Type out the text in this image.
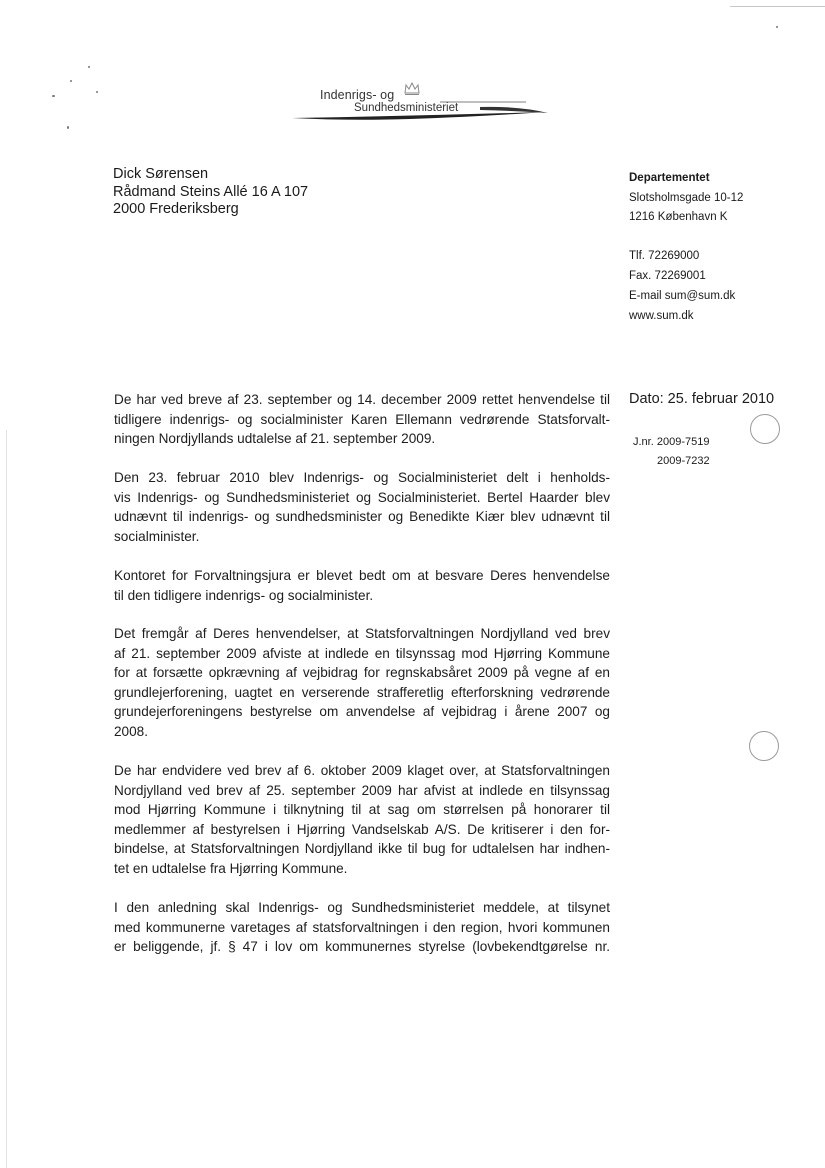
Indenrigs- og
Sundhedsministeriet
Dick Sørensen
Rådmand Steins Allé 16 A 107
2000 Frederiksberg
Departementet
Slotsholmsgade 10-12
1216 København K
Tlf. 72269000
Fax. 72269001
E-mail sum@sum.dk
www.sum.dk
Dato: 25. februar 2010
J.nr. 2009-7519
2009-7232
De har ved breve af 23. september og 14. december 2009 rettet henvendelse til
tidligere indenrigs- og socialminister Karen Ellemann vedrørende Statsforvalt-
ningen Nordjyllands udtalelse af 21. september 2009.
Den 23. februar 2010 blev Indenrigs- og Socialministeriet delt i henholds-
vis Indenrigs- og Sundhedsministeriet og Socialministeriet. Bertel Haarder blev
udnævnt til indenrigs- og sundhedsminister og Benedikte Kiær blev udnævnt til
socialminister.
Kontoret for Forvaltningsjura er blevet bedt om at besvare Deres henvendelse
til den tidligere indenrigs- og socialminister.
Det fremgår af Deres henvendelser, at Statsforvaltningen Nordjylland ved brev
af 21. september 2009 afviste at indlede en tilsynssag mod Hjørring Kommune
for at forsætte opkrævning af vejbidrag for regnskabsåret 2009 på vegne af en
grundlejerforening, uagtet en verserende strafferetlig efterforskning vedrørende
grundejerforeningens bestyrelse om anvendelse af vejbidrag i årene 2007 og
2008.
De har endvidere ved brev af 6. oktober 2009 klaget over, at Statsforvaltningen
Nordjylland ved brev af 25. september 2009 har afvist at indlede en tilsynssag
mod Hjørring Kommune i tilknytning til at sag om størrelsen på honorarer til
medlemmer af bestyrelsen i Hjørring Vandselskab A/S. De kritiserer i den for-
bindelse, at Statsforvaltningen Nordjylland ikke til bug for udtalelsen har indhen-
tet en udtalelse fra Hjørring Kommune.
I den anledning skal Indenrigs- og Sundhedsministeriet meddele, at tilsynet
med kommunerne varetages af statsforvaltningen i den region, hvori kommunen
er beliggende, jf. § 47 i lov om kommunernes styrelse (lovbekendtgørelse nr.
